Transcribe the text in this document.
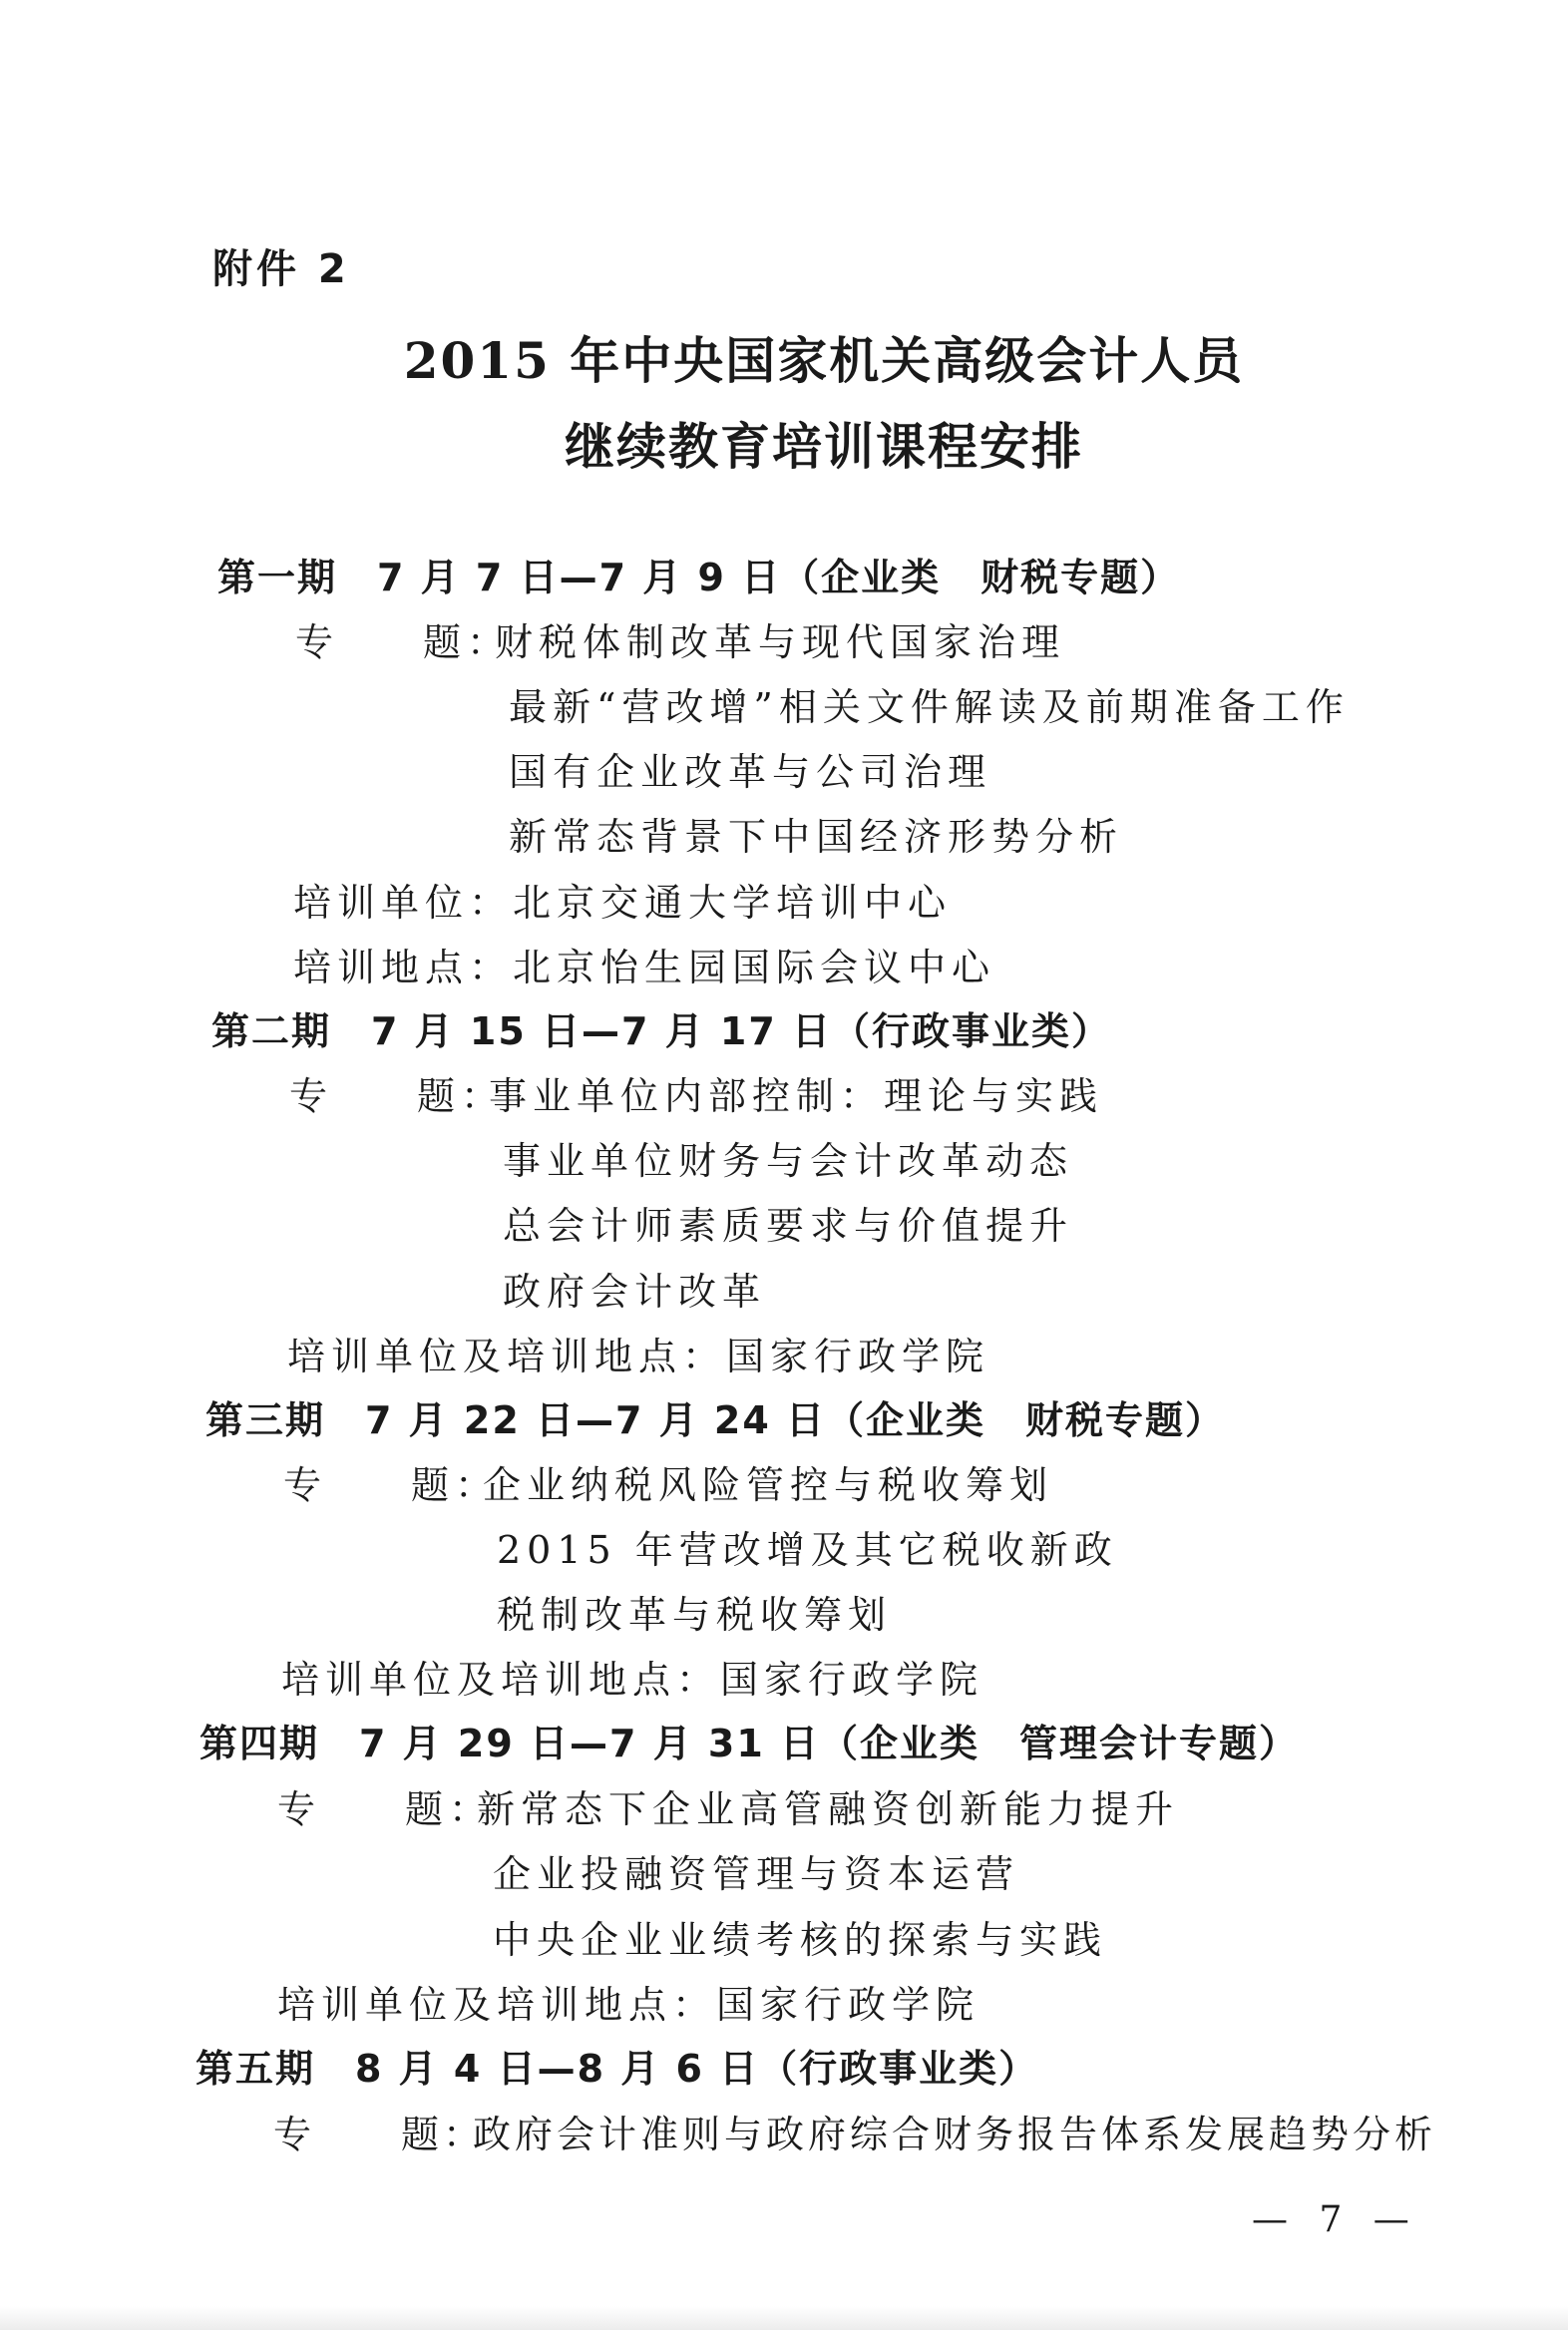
附件 2
2015 年中央国家机关高级会计人员
继续教育培训课程安排
第一期 7 月 7 日—7 月 9 日（企业类　财税专题）
专 题：财税体制改革与现代国家治理
最新“营改增”相关文件解读及前期准备工作
国有企业改革与公司治理
新常态背景下中国经济形势分析
培训单位：北京交通大学培训中心
培训地点：北京怡生园国际会议中心
第二期 7 月 15 日—7 月 17 日（行政事业类）
专 题：事业单位内部控制：理论与实践
事业单位财务与会计改革动态
总会计师素质要求与价值提升
政府会计改革
培训单位及培训地点：国家行政学院
第三期 7 月 22 日—7 月 24 日（企业类　财税专题）
专 题：企业纳税风险管控与税收筹划
2015 年营改增及其它税收新政
税制改革与税收筹划
培训单位及培训地点：国家行政学院
第四期 7 月 29 日—7 月 31 日（企业类　管理会计专题）
专 题：新常态下企业高管融资创新能力提升
企业投融资管理与资本运营
中央企业业绩考核的探索与实践
培训单位及培训地点：国家行政学院
第五期 8 月 4 日—8 月 6 日（行政事业类）
专 题：政府会计准则与政府综合财务报告体系发展趋势分析
— 7 —
